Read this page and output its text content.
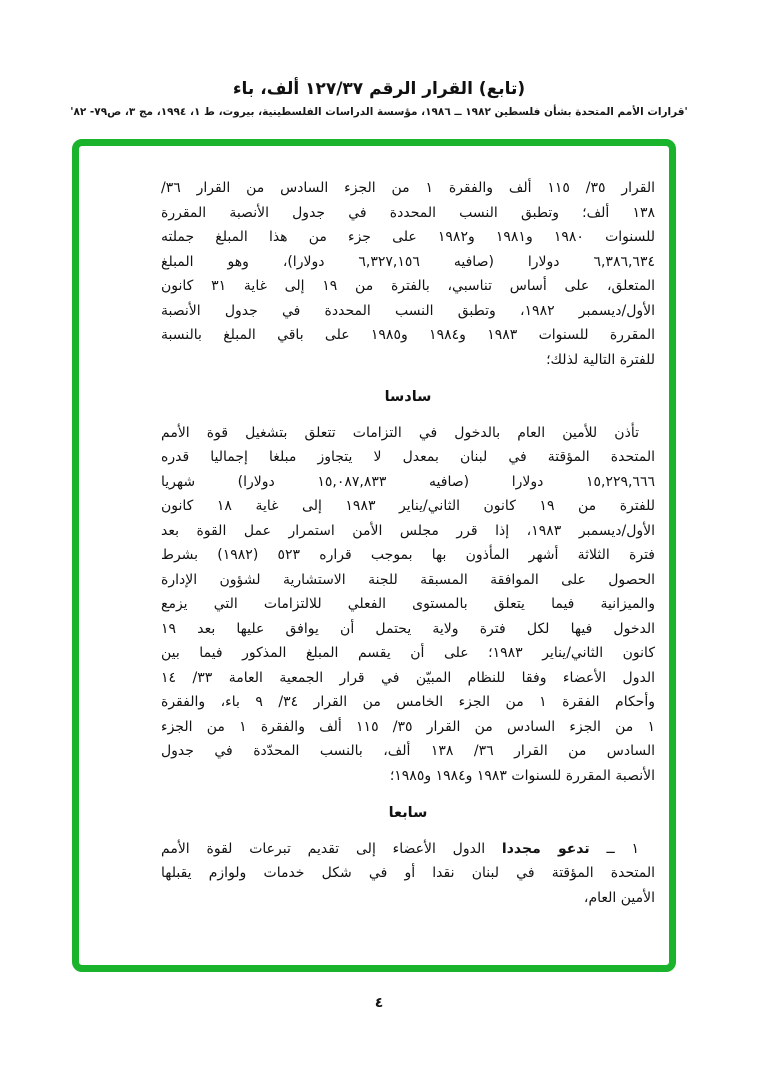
(تابع) القرار الرقم ١٢٧/٣٧ ألف، باء
'قرارات الأمم المتحدة بشأن فلسطين ١٩٨٢ ــ ١٩٨٦، مؤسسة الدراسات الفلسطينية، بيروت، ط ١، ١٩٩٤، مج ٣، ص٧٩- ٨٢'
القرار ٣٥/ ١١٥ ألف والفقرة ١ من الجزء السادس من القرار ٣٦/
١٣٨ ألف؛ وتطبق النسب المحددة في جدول الأنصبة المقررة
للسنوات ١٩٨٠ و١٩٨١ و١٩٨٢ على جزء من هذا المبلغ جملته
٦,٣٨٦,٦٣٤ دولارا (صافيه ٦,٣٢٧,١٥٦ دولارا)، وهو المبلغ
المتعلق، على أساس تناسبي، بالفترة من ١٩ إلى غاية ٣١ كانون
الأول/ديسمبر ١٩٨٢، وتطبق النسب المحددة في جدول الأنصبة
المقررة للسنوات ١٩٨٣ و١٩٨٤ و١٩٨٥ على باقي المبلغ بالنسبة
للفترة التالية لذلك؛
سادسا
تأذن للأمين العام بالدخول في التزامات تتعلق بتشغيل قوة الأمم
المتحدة المؤقتة في لبنان بمعدل لا يتجاوز مبلغا إجماليا قدره
١٥,٢٢٩,٦٦٦ دولارا (صافيه ١٥,٠٨٧,٨٣٣ دولارا) شهريا
للفترة من ١٩ كانون الثاني/يناير ١٩٨٣ إلى غاية ١٨ كانون
الأول/ديسمبر ١٩٨٣، إذا قرر مجلس الأمن استمرار عمل القوة بعد
فترة الثلاثة أشهر المأذون بها بموجب قراره ٥٢٣ (١٩٨٢) بشرط
الحصول على الموافقة المسبقة للجنة الاستشارية لشؤون الإدارة
والميزانية فيما يتعلق بالمستوى الفعلي للالتزامات التي يزمع
الدخول فيها لكل فترة ولاية يحتمل أن يوافق عليها بعد ١٩
كانون الثاني/يناير ١٩٨٣؛ على أن يقسم المبلغ المذكور فيما بين
الدول الأعضاء وفقا للنظام المبيّن في قرار الجمعية العامة ٣٣/ ١٤
وأحكام الفقرة ١ من الجزء الخامس من القرار ٣٤/ ٩ باء، والفقرة
١ من الجزء السادس من القرار ٣٥/ ١١٥ ألف والفقرة ١ من الجزء
السادس من القرار ٣٦/ ١٣٨ ألف، بالنسب المحدّدة في جدول
الأنصبة المقررة للسنوات ١٩٨٣ و١٩٨٤ و١٩٨٥؛
سابعا
١ ــ تدعو مجددا الدول الأعضاء إلى تقديم تبرعات لقوة الأمم
المتحدة المؤقتة في لبنان نقدا أو في شكل خدمات ولوازم يقبلها
الأمين العام،
٤
